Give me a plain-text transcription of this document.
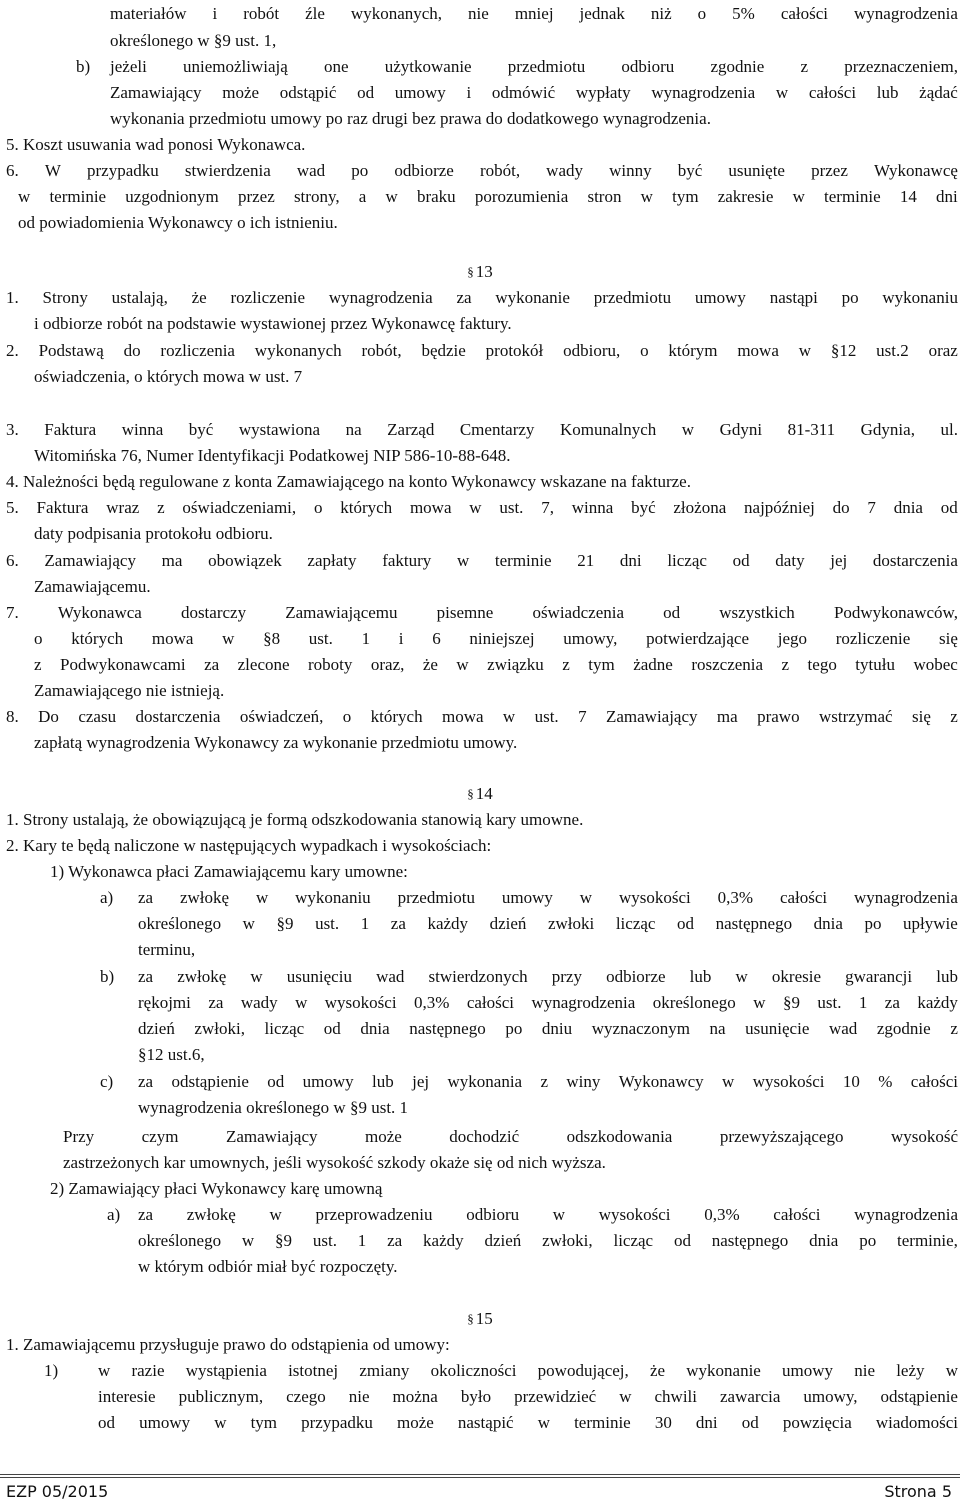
materiałów i robót źle wykonanych, nie mniej jednak niż o 5% całości wynagrodzenia
określonego w §9 ust. 1,
b) jeżeli uniemożliwiają one użytkowanie przedmiotu odbioru zgodnie z przeznaczeniem,
Zamawiający może odstąpić od umowy i odmówić wypłaty wynagrodzenia w całości lub żądać
wykonania przedmiotu umowy po raz drugi bez prawa do dodatkowego wynagrodzenia.
5. Koszt usuwania wad ponosi Wykonawca.
6. W przypadku stwierdzenia wad po odbiorze robót, wady winny być usunięte przez Wykonawcę
w terminie uzgodnionym przez strony, a w braku porozumienia stron w tym zakresie w terminie 14 dni
od powiadomienia Wykonawcy o ich istnieniu.
1. Strony ustalają, że rozliczenie wynagrodzenia za wykonanie przedmiotu umowy nastąpi po wykonaniu
i odbiorze robót na podstawie wystawionej przez Wykonawcę faktury.
2. Podstawą do rozliczenia wykonanych robót, będzie protokół odbioru, o którym mowa w §12 ust.2 oraz
oświadczenia, o których mowa w ust. 7
3. Faktura winna być wystawiona na Zarząd Cmentarzy Komunalnych w Gdyni 81-311 Gdynia, ul.
Witomińska 76, Numer Identyfikacji Podatkowej NIP 586-10-88-648.
4. Należności będą regulowane z konta Zamawiającego na konto Wykonawcy wskazane na fakturze.
5. Faktura wraz z oświadczeniami, o których mowa w ust. 7, winna być złożona najpóźniej do 7 dnia od
daty podpisania protokołu odbioru.
6. Zamawiający ma obowiązek zapłaty faktury w terminie 21 dni licząc od daty jej dostarczenia
Zamawiającemu.
7. Wykonawca dostarczy Zamawiającemu pisemne oświadczenia od wszystkich Podwykonawców,
o których mowa w §8 ust. 1 i 6 niniejszej umowy, potwierdzające jego rozliczenie się
z Podwykonawcami za zlecone roboty oraz, że w związku z tym żadne roszczenia z tego tytułu wobec
Zamawiającego nie istnieją.
8. Do czasu dostarczenia oświadczeń, o których mowa w ust. 7 Zamawiający ma prawo wstrzymać się z
zapłatą wynagrodzenia Wykonawcy za wykonanie przedmiotu umowy.
1. Strony ustalają, że obowiązującą je formą odszkodowania stanowią kary umowne.
2. Kary te będą naliczone w następujących wypadkach i wysokościach:
1) Wykonawca płaci Zamawiającemu kary umowne:
a) za zwłokę w wykonaniu przedmiotu umowy w wysokości 0,3% całości wynagrodzenia
określonego w §9 ust. 1 za każdy dzień zwłoki licząc od następnego dnia po upływie
terminu,
b) za zwłokę w usunięciu wad stwierdzonych przy odbiorze lub w okresie gwarancji lub
rękojmi za wady w wysokości 0,3% całości wynagrodzenia określonego w §9 ust. 1 za każdy
dzień zwłoki, licząc od dnia następnego po dniu wyznaczonym na usunięcie wad zgodnie z
§12 ust.6,
c) za odstąpienie od umowy lub jej wykonania z winy Wykonawcy w wysokości 10 % całości
wynagrodzenia określonego w §9 ust. 1
Przy	czym	Zamawiający	może	dochodzić	odszkodowania	przewyższającego	wysokość
zastrzeżonych kar umownych, jeśli wysokość szkody okaże się od nich wyższa.
2) Zamawiający płaci Wykonawcy karę umowną
a) za zwłokę w przeprowadzeniu odbioru w wysokości 0,3% całości wynagrodzenia
określonego w §9 ust. 1 za każdy dzień zwłoki, licząc od następnego dnia po terminie,
w którym odbiór miał być rozpoczęty.
1. Zamawiającemu przysługuje prawo do odstąpienia od umowy:
1) w razie wystąpienia istotnej zmiany okoliczności powodującej, że wykonanie umowy nie leży w
interesie publicznym, czego nie można było przewidzieć w chwili zawarcia umowy, odstąpienie
od umowy w tym przypadku może nastąpić w terminie 30 dni od powzięcia wiadomości
§ 13
§ 14
§ 15
EZP 05/2015	Strona 5
